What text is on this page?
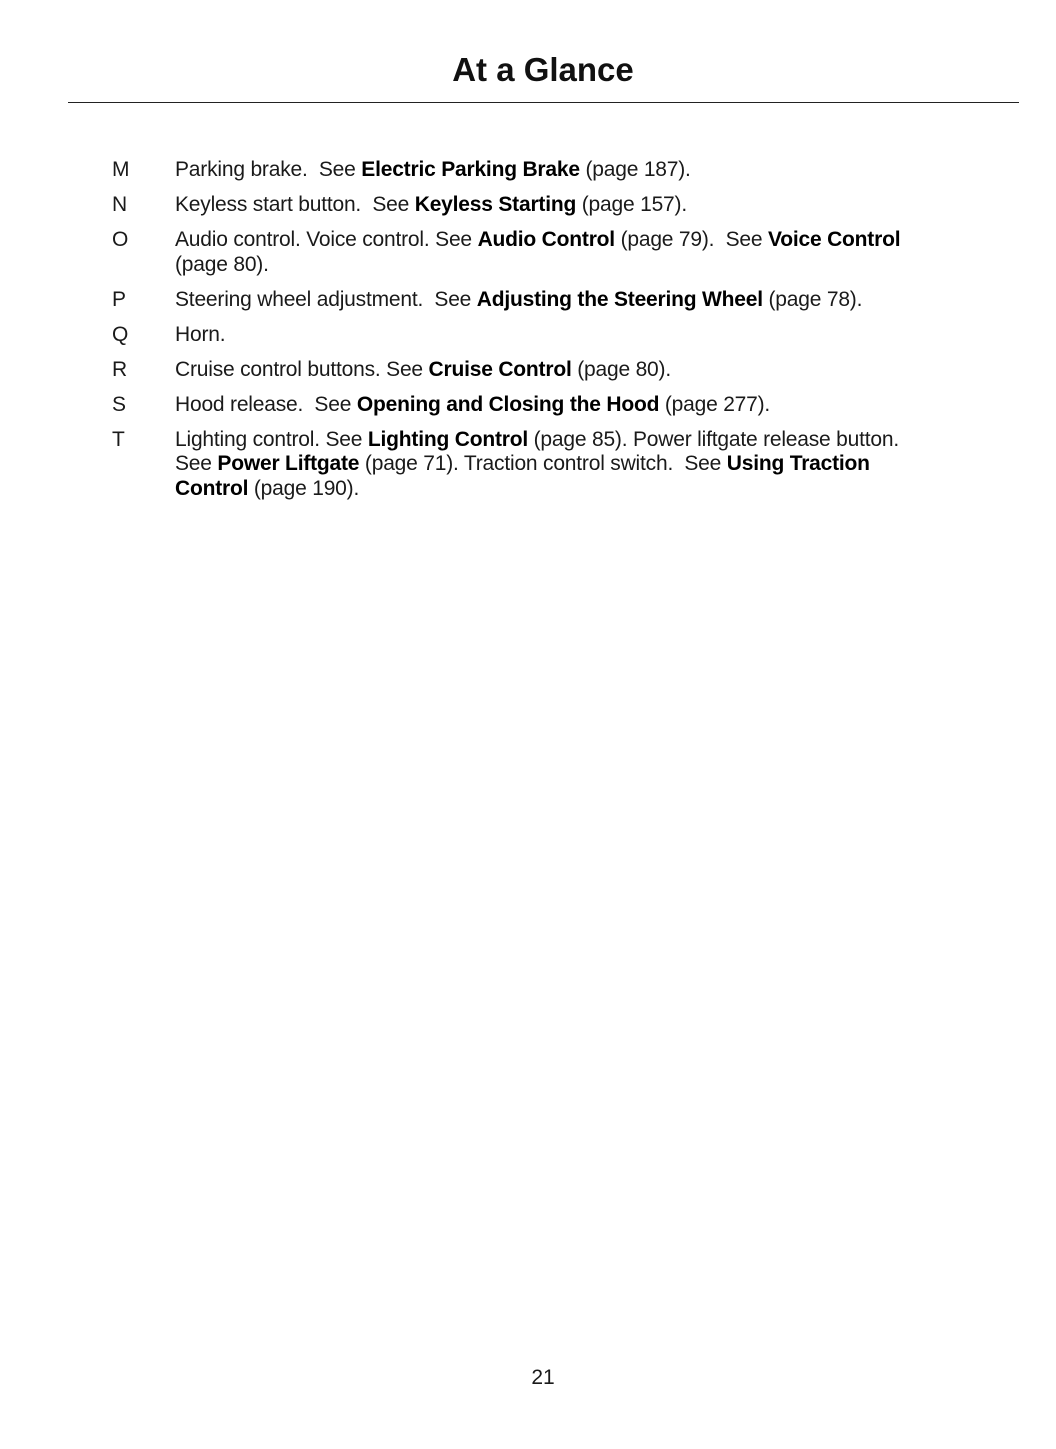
At a Glance
M Parking brake.  See Electric Parking Brake (page 187).
N Keyless start button.  See Keyless Starting (page 157).
O Audio control. Voice control. See Audio Control (page 79).  See Voice Control
(page 80).
P Steering wheel adjustment.  See Adjusting the Steering Wheel (page 78).
Q Horn.
R Cruise control buttons. See Cruise Control (page 80).
S Hood release.  See Opening and Closing the Hood (page 277).
T Lighting control. See Lighting Control (page 85). Power liftgate release button.
See Power Liftgate (page 71). Traction control switch.  See Using Traction
Control (page 190).
21
